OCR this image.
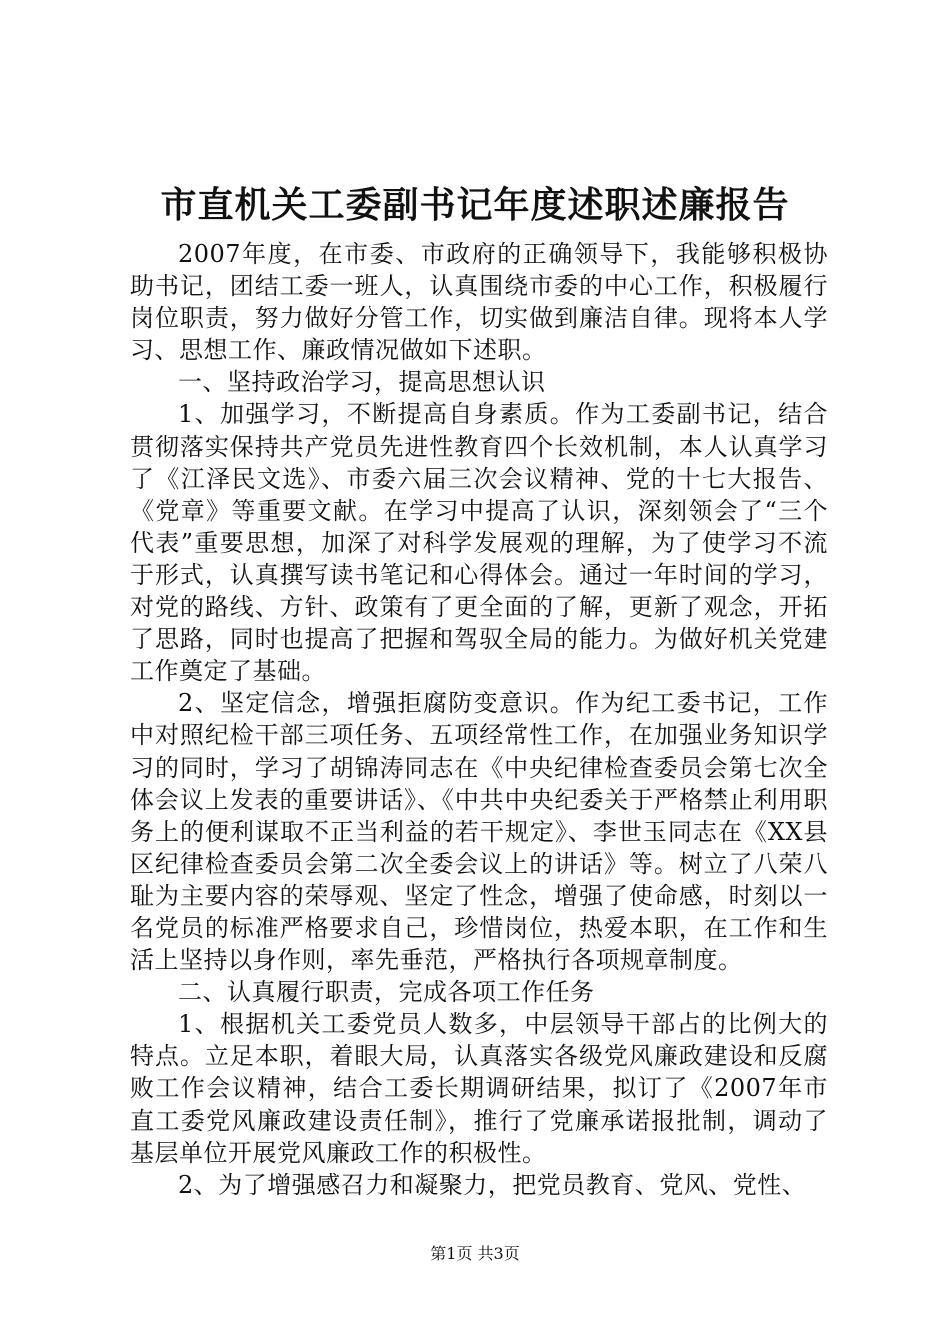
市直机关工委副书记年度述职述廉报告

2007年度，在市委、市政府的正确领导下，我能够积极协助书记，团结工委一班人，认真围绕市委的中心工作，积极履行岗位职责，努力做好分管工作，切实做到廉洁自律。现将本人学习、思想工作、廉政情况做如下述职。

一、坚持政治学习，提高思想认识

1、加强学习，不断提高自身素质。作为工委副书记，结合贯彻落实保持共产党员先进性教育四个长效机制，本人认真学习了《江泽民文选》、市委六届三次会议精神、党的十七大报告、《党章》等重要文献。在学习中提高了认识，深刻领会了“三个代表”重要思想，加深了对科学发展观的理解，为了使学习不流于形式，认真撰写读书笔记和心得体会。通过一年时间的学习，对党的路线、方针、政策有了更全面的了解，更新了观念，开拓了思路，同时也提高了把握和驾驭全局的能力。为做好机关党建工作奠定了基础。

2、坚定信念，增强拒腐防变意识。作为纪工委书记，工作中对照纪检干部三项任务、五项经常性工作，在加强业务知识学习的同时，学习了胡锦涛同志在《中央纪律检查委员会第七次全体会议上发表的重要讲话》、《中共中央纪委关于严格禁止利用职务上的便利谋取不正当利益的若干规定》、李世玉同志在《XX县区纪律检查委员会第二次全委会议上的讲话》等。树立了八荣八耻为主要内容的荣辱观、坚定了性念，增强了使命感，时刻以一名党员的标准严格要求自己，珍惜岗位，热爱本职，在工作和生活上坚持以身作则，率先垂范，严格执行各项规章制度。

二、认真履行职责，完成各项工作任务

1、根据机关工委党员人数多，中层领导干部占的比例大的特点。立足本职，着眼大局，认真落实各级党风廉政建设和反腐败工作会议精神，结合工委长期调研结果，拟订了《2007年市直工委党风廉政建设责任制》，推行了党廉承诺报批制，调动了基层单位开展党风廉政工作的积极性。

2、为了增强感召力和凝聚力，把党员教育、党风、党性、

第1页 共3页
